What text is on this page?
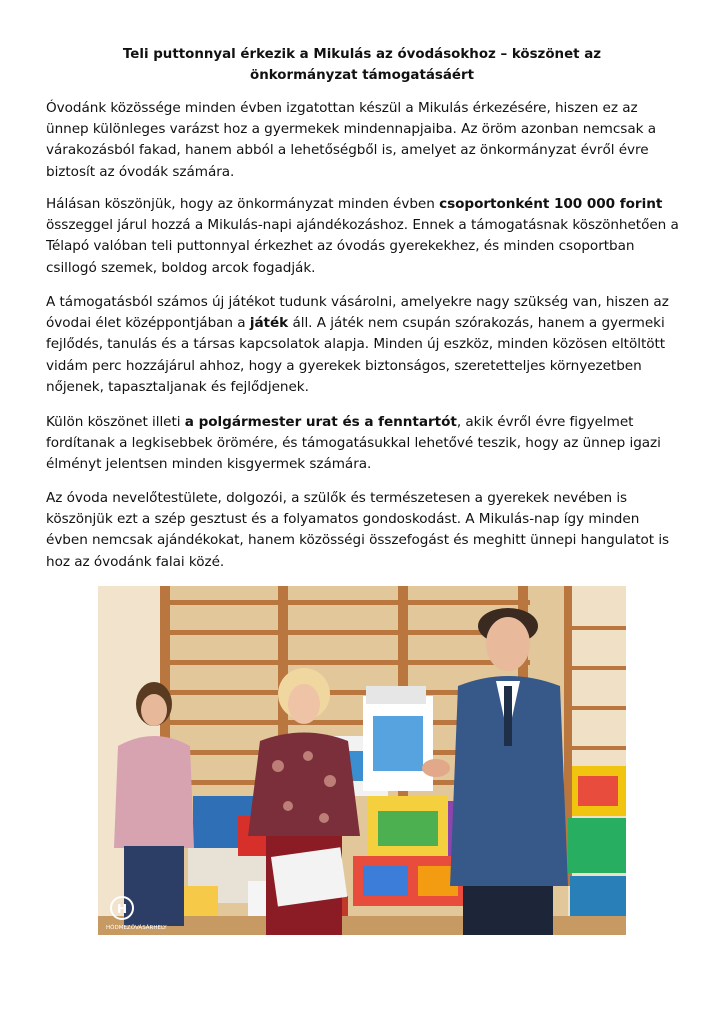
Teli puttonnyal érkezik a Mikulás az óvodásokhoz – köszönet az önkormányzat támogatásáért

Óvodánk közössége minden évben izgatottan készül a Mikulás érkezésére, hiszen ez az ünnep különleges varázst hoz a gyermekek mindennapjaiba. Az öröm azonban nemcsak a várakozásból fakad, hanem abból a lehetőségből is, amelyet az önkormányzat évről évre biztosít az óvodák számára.

Hálásan köszönjük, hogy az önkormányzat minden évben csoportonként 100 000 forint összeggel járul hozzá a Mikulás-napi ajándékozáshoz. Ennek a támogatásnak köszönhetően a Télapó valóban teli puttonnyal érkezhet az óvodás gyerekekhez, és minden csoportban csillogó szemek, boldog arcok fogadják.

A támogatásból számos új játékot tudunk vásárolni, amelyekre nagy szükség van, hiszen az óvodai élet középpontjában a játék áll. A játék nem csupán szórakozás, hanem a gyermeki fejlődés, tanulás és a társas kapcsolatok alapja. Minden új eszköz, minden közösen eltöltött vidám perc hozzájárul ahhoz, hogy a gyerekek biztonságos, szeretetteljes környezetben nőjenek, tapasztaljanak és fejlődjenek.

Külön köszönet illeti a polgármester urat és a fenntartót, akik évről évre figyelmet fordítanak a legkisebbek örömére, és támogatásukkal lehetővé teszik, hogy az ünnep igazi élményt jelentsen minden kisgyermek számára.

Az óvoda nevelőtestülete, dolgozói, a szülők és természetesen a gyerekek nevében is köszönjük ezt a szép gesztust és a folyamatos gondoskodást. A Mikulás-nap így minden évben nemcsak ajándékokat, hanem közösségi összefogást és meghitt ünnepi hangulatot is hoz az óvodánk falai közé.

H
HÓDMEZŐVÁSÁRHELY
